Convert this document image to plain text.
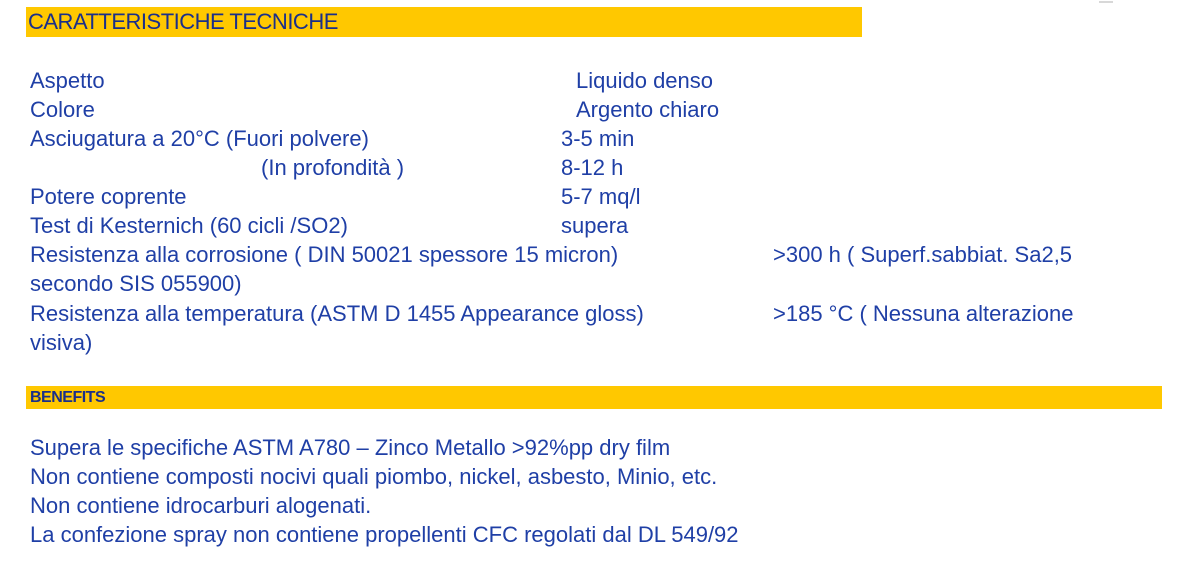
CARATTERISTICHE TECNICHE
Aspetto	Liquido denso
Colore	Argento chiaro
Asciugatura a 20°C (Fuori polvere)	3-5 min
(In profondità )	8-12 h
Potere coprente	5-7 mq/l
Test di Kesternich (60 cicli /SO2)	supera
Resistenza alla corrosione ( DIN 50021 spessore 15 micron)	>300 h ( Superf.sabbiat. Sa2,5
secondo SIS 055900)
Resistenza alla temperatura (ASTM D 1455 Appearance gloss)	>185 °C ( Nessuna alterazione
visiva)
BENEFITS
Supera le specifiche ASTM A780 – Zinco Metallo >92%pp dry film
Non contiene composti nocivi quali piombo, nickel, asbesto, Minio, etc.
Non contiene idrocarburi alogenati.
La confezione spray non contiene propellenti CFC regolati dal DL 549/92
